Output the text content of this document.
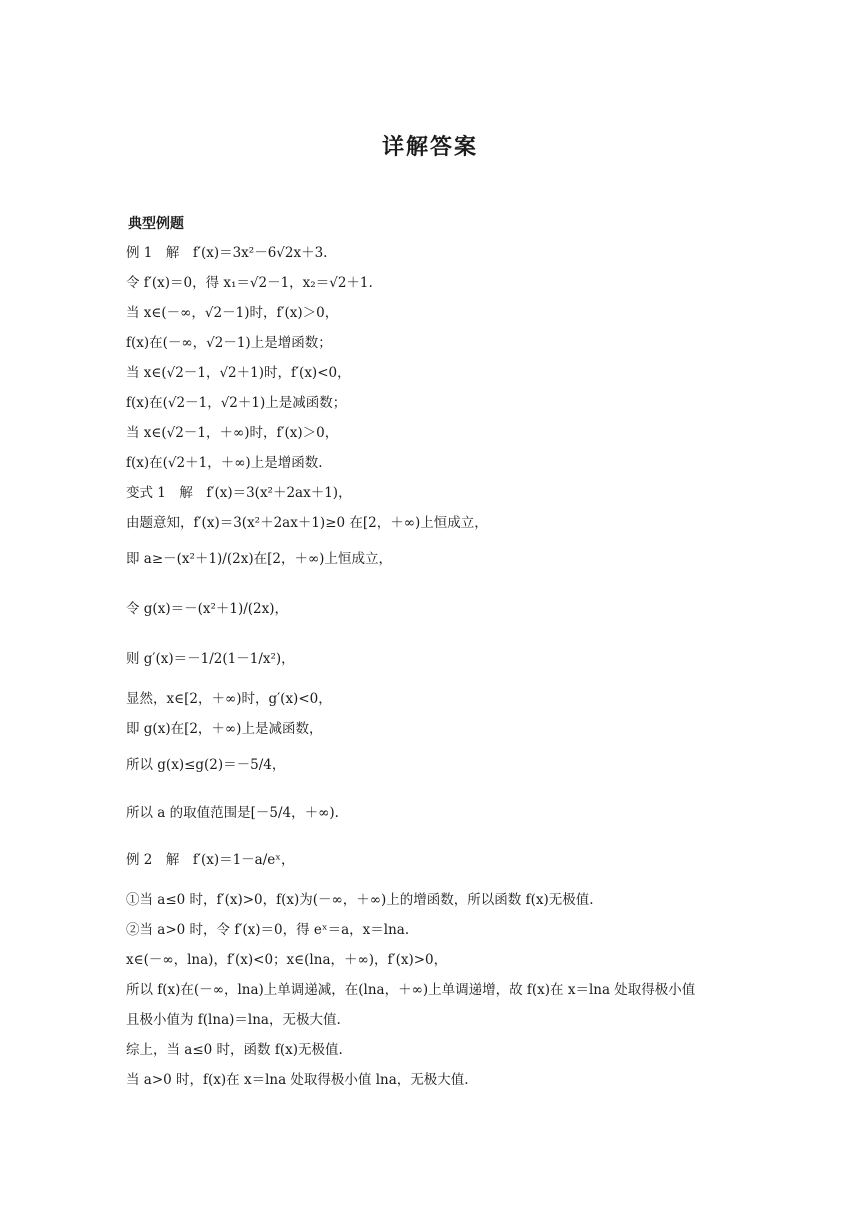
详解答案
典型例题
例 1　解　f′(x)＝3x²－6√2x＋3.
令 f′(x)＝0，得 x₁＝√2－1，x₂＝√2＋1.
当 x∈(－∞，√2－1)时，f′(x)＞0，
f(x)在(－∞，√2－1)上是增函数；
当 x∈(√2－1，√2＋1)时，f′(x)<0，
f(x)在(√2－1，√2＋1)上是减函数；
当 x∈(√2－1，＋∞)时，f′(x)＞0，
f(x)在(√2＋1，＋∞)上是增函数.
变式 1　解　f′(x)＝3(x²＋2ax＋1)，
由题意知，f′(x)＝3(x²＋2ax＋1)≥0 在[2，＋∞)上恒成立，
即 a≥－(x²＋1)/(2x)在[2，＋∞)上恒成立，
令 g(x)＝－(x²＋1)/(2x)，
则 g′(x)＝－1/2(1－1/x²)，
显然，x∈[2，＋∞)时，g′(x)<0，
即 g(x)在[2，＋∞)上是减函数，
所以 g(x)≤g(2)＝－5/4，
所以 a 的取值范围是[－5/4，＋∞).
例 2　解　f′(x)＝1－a/eˣ，
①当 a≤0 时，f′(x)>0，f(x)为(－∞，＋∞)上的增函数，所以函数 f(x)无极值.
②当 a>0 时，令 f′(x)＝0，得 eˣ＝a，x＝lna.
x∈(－∞，lna)，f′(x)<0；x∈(lna，＋∞)，f′(x)>0，
所以 f(x)在(－∞，lna)上单调递减，在(lna，＋∞)上单调递增，故 f(x)在 x＝lna 处取得极小值
且极小值为 f(lna)＝lna，无极大值.
综上，当 a≤0 时，函数 f(x)无极值.
当 a>0 时，f(x)在 x＝lna 处取得极小值 lna，无极大值.
